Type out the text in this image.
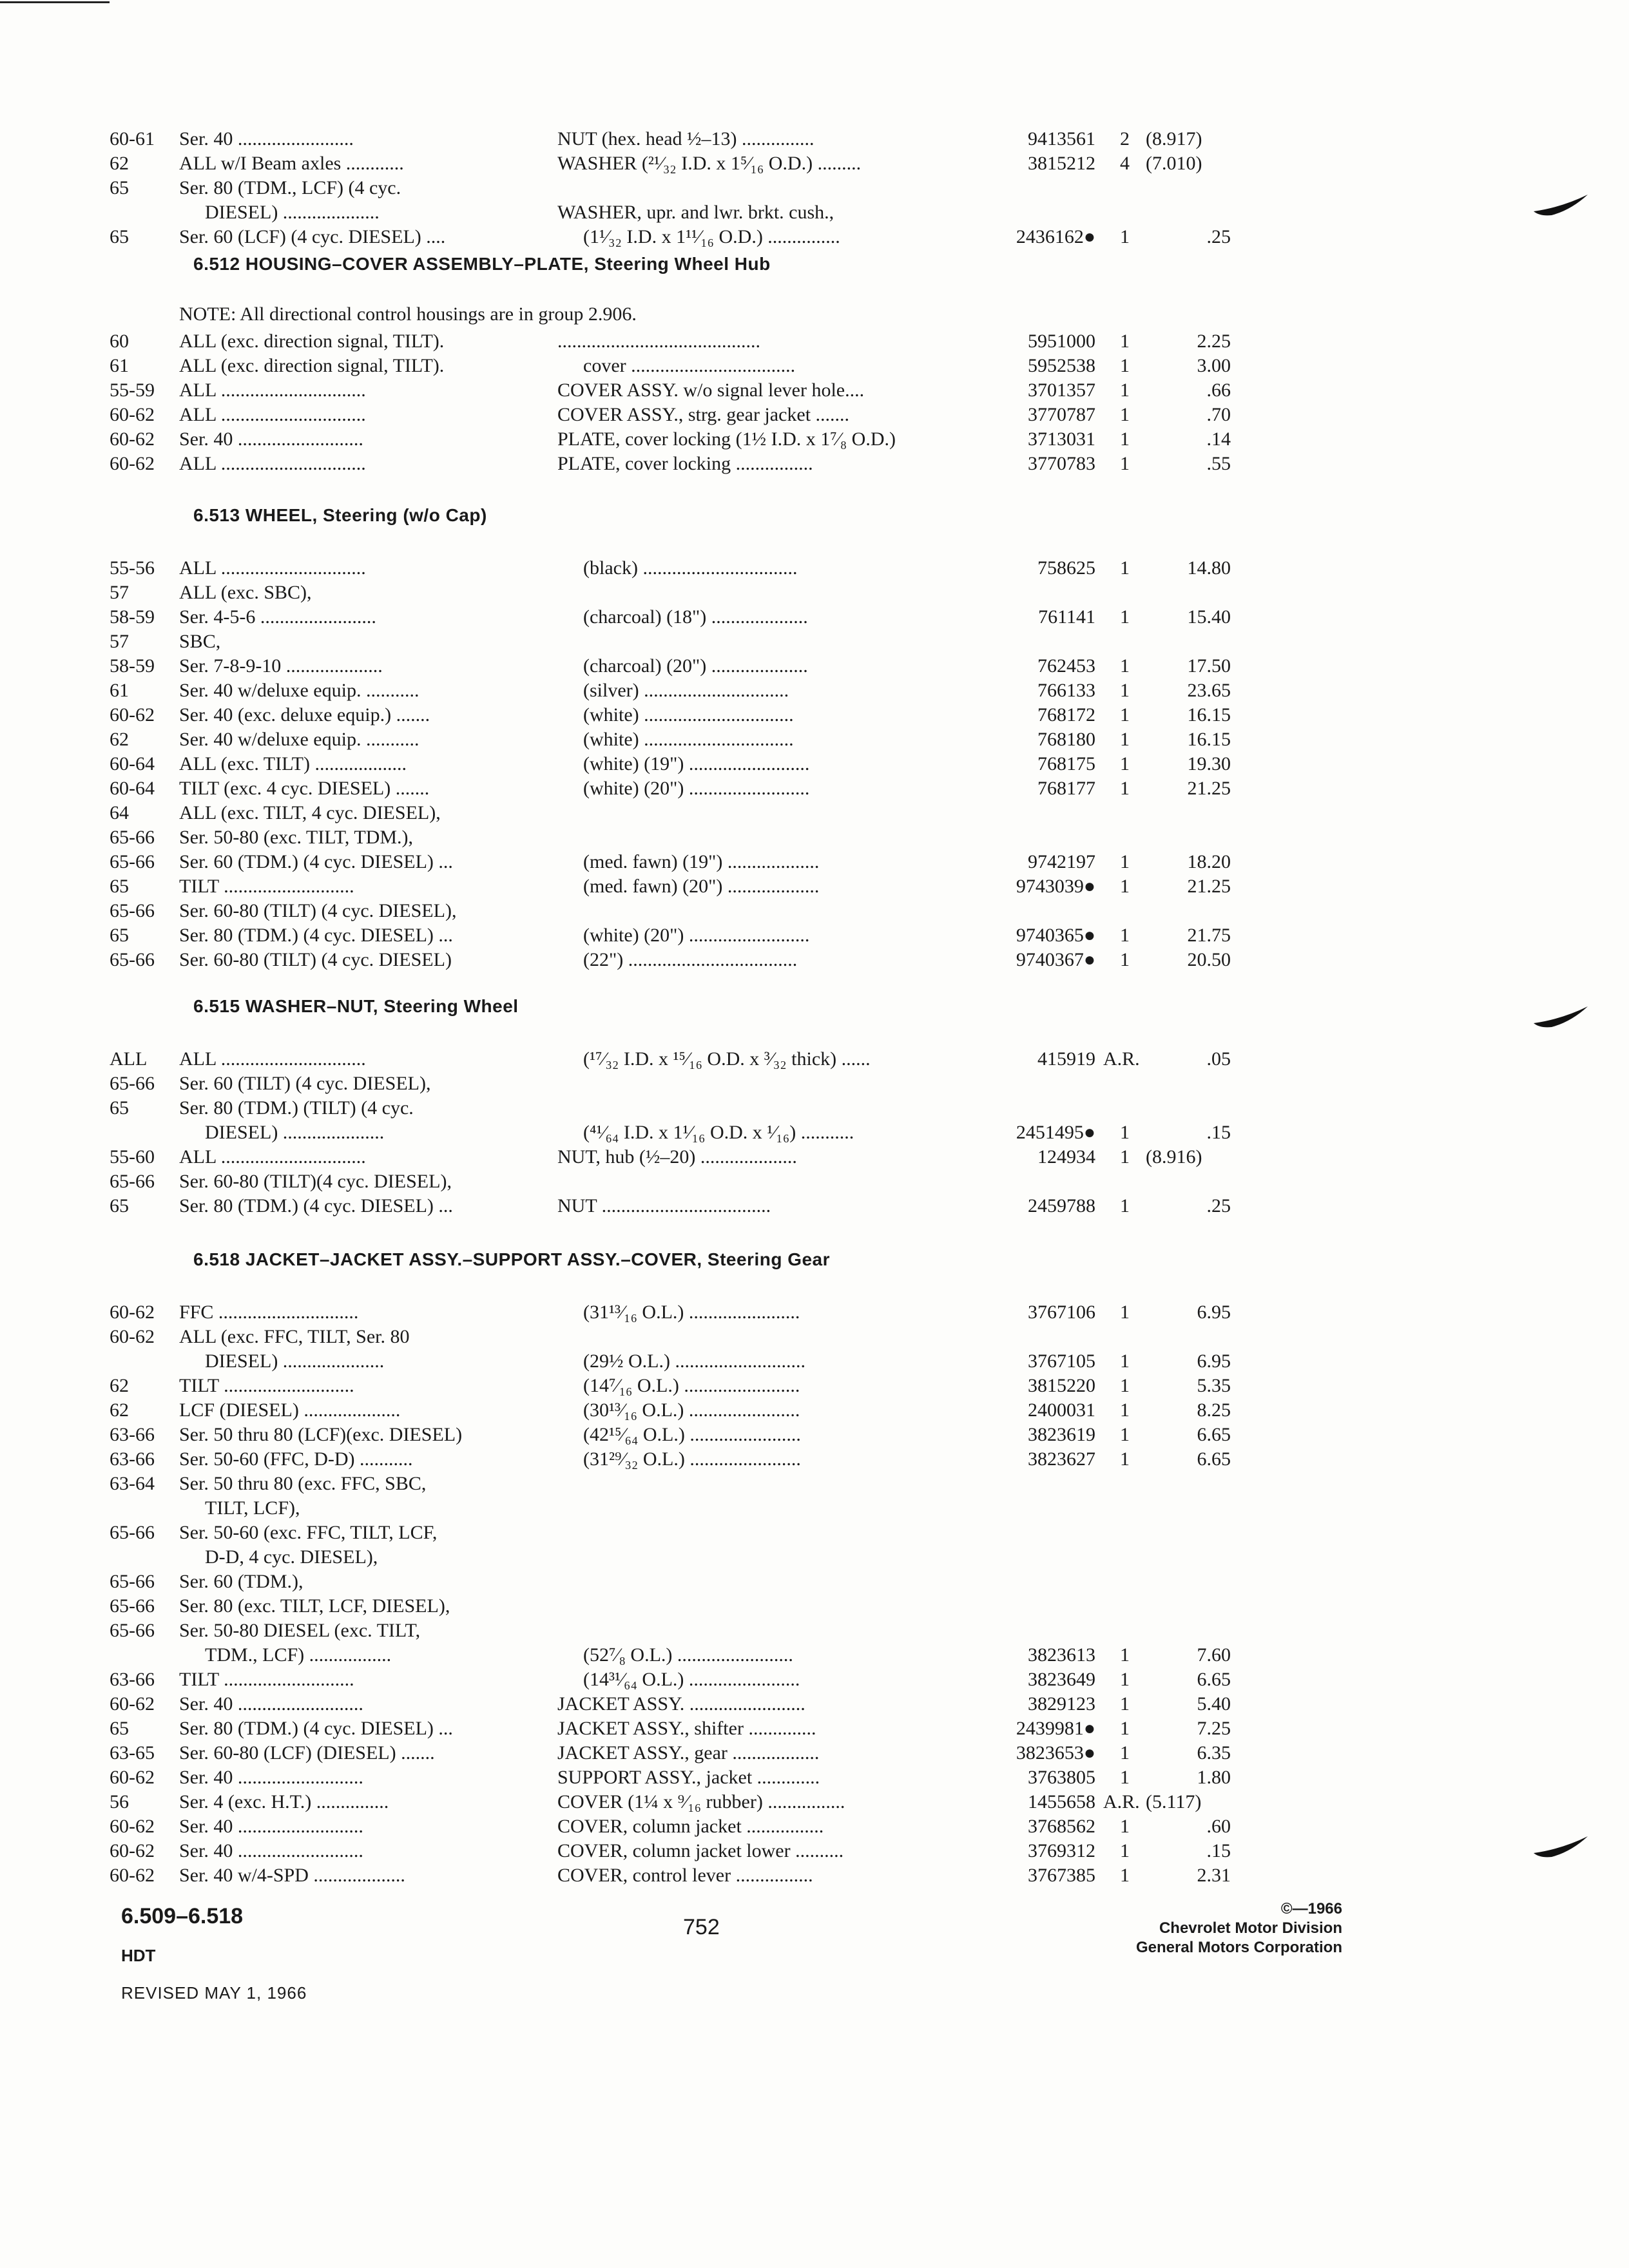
60-61 Ser. 40 ........................	NUT (hex. head ½–13) ...............	9413561 2 (8.917)
62	ALL w/I Beam axles ............	WASHER (²¹⁄₃₂ I.D. x 1⁵⁄₁₆ O.D.) .........	3815212 4 (7.010)
65	Ser. 80 (TDM., LCF) (4 cyc.
DIESEL) ....................	WASHER, upr. and lwr. brkt. cush.,
65	Ser. 60 (LCF) (4 cyc. DIESEL) ....	(1¹⁄₃₂ I.D. x 1¹¹⁄₁₆ O.D.) ...............	2436162● 1	.25
6.512 HOUSING–COVER ASSEMBLY–PLATE, Steering Wheel Hub
NOTE: All directional control housings are in group 2.906.
60	ALL (exc. direction signal, TILT).	..........................................	5951000 1	2.25
61	ALL (exc. direction signal, TILT).	cover ..................................	5952538 1	3.00
55-59 ALL ..............................	COVER ASSY. w/o signal lever hole....	3701357 1	.66
60-62 ALL ..............................	COVER ASSY., strg. gear jacket .......	3770787 1	.70
60-62 Ser. 40 ..........................	PLATE, cover locking (1½ I.D. x 1⁷⁄₈ O.D.)	3713031 1	.14
60-62 ALL ..............................	PLATE, cover locking ................	3770783 1	.55
6.513 WHEEL, Steering (w/o Cap)
55-56 ALL ..............................	(black) ................................	758625 1	14.80
57	ALL (exc. SBC),
58-59 Ser. 4-5-6 ........................	(charcoal) (18") ....................	761141 1	15.40
57	SBC,
58-59 Ser. 7-8-9-10 ....................	(charcoal) (20") ....................	762453 1	17.50
61	Ser. 40 w/deluxe equip. ...........	(silver) ..............................	766133 1	23.65
60-62 Ser. 40 (exc. deluxe equip.) .......	(white) ...............................	768172 1	16.15
62	Ser. 40 w/deluxe equip. ...........	(white) ...............................	768180 1	16.15
60-64 ALL (exc. TILT) ...................	(white) (19") .........................	768175 1	19.30
60-64 TILT (exc. 4 cyc. DIESEL) .......	(white) (20") .........................	768177 1	21.25
64	ALL (exc. TILT, 4 cyc. DIESEL),
65-66 Ser. 50-80 (exc. TILT, TDM.),
65-66 Ser. 60 (TDM.) (4 cyc. DIESEL) ...	(med. fawn) (19") ...................	9742197 1	18.20
65	TILT ...........................	(med. fawn) (20") ...................	9743039● 1	21.25
65-66 Ser. 60-80 (TILT) (4 cyc. DIESEL),
65	Ser. 80 (TDM.) (4 cyc. DIESEL) ...	(white) (20") .........................	9740365● 1	21.75
65-66 Ser. 60-80 (TILT) (4 cyc. DIESEL)	(22") ...................................	9740367● 1	20.50
6.515 WASHER–NUT, Steering Wheel
ALL ALL ..............................	(¹⁷⁄₃₂ I.D. x ¹⁵⁄₁₆ O.D. x ³⁄₃₂ thick) ......	415919 A.R.	.05
65-66 Ser. 60 (TILT) (4 cyc. DIESEL),
65	Ser. 80 (TDM.) (TILT) (4 cyc.
DIESEL) .....................	(⁴¹⁄₆₄ I.D. x 1¹⁄₁₆ O.D. x ¹⁄₁₆) ...........	2451495● 1	.15
55-60 ALL ..............................	NUT, hub (½–20) ....................	124934 1 (8.916)
65-66 Ser. 60-80 (TILT)(4 cyc. DIESEL),
65	Ser. 80 (TDM.) (4 cyc. DIESEL) ...	NUT ...................................	2459788 1	.25
6.518 JACKET–JACKET ASSY.–SUPPORT ASSY.–COVER, Steering Gear
60-62 FFC .............................	(31¹³⁄₁₆ O.L.) .......................	3767106 1	6.95
60-62 ALL (exc. FFC, TILT, Ser. 80
DIESEL) .....................	(29½ O.L.) ...........................	3767105 1	6.95
62	TILT ...........................	(14⁷⁄₁₆ O.L.) ........................	3815220 1	5.35
62	LCF (DIESEL) ....................	(30¹³⁄₁₆ O.L.) .......................	2400031 1	8.25
63-66 Ser. 50 thru 80 (LCF)(exc. DIESEL)	(42¹⁵⁄₆₄ O.L.) .......................	3823619 1	6.65
63-66 Ser. 50-60 (FFC, D-D) ...........	(31²⁹⁄₃₂ O.L.) .......................	3823627 1	6.65
63-64 Ser. 50 thru 80 (exc. FFC, SBC,
TILT, LCF),
65-66 Ser. 50-60 (exc. FFC, TILT, LCF,
D-D, 4 cyc. DIESEL),
65-66 Ser. 60 (TDM.),
65-66 Ser. 80 (exc. TILT, LCF, DIESEL),
65-66 Ser. 50-80 DIESEL (exc. TILT,
TDM., LCF) .................	(52⁷⁄₈ O.L.) ........................	3823613 1	7.60
63-66 TILT ...........................	(14³¹⁄₆₄ O.L.) .......................	3823649 1	6.65
60-62 Ser. 40 ..........................	JACKET ASSY. ........................	3829123 1	5.40
65	Ser. 80 (TDM.) (4 cyc. DIESEL) ...	JACKET ASSY., shifter ..............	2439981● 1	7.25
63-65 Ser. 60-80 (LCF) (DIESEL) .......	JACKET ASSY., gear ..................	3823653● 1	6.35
60-62 Ser. 40 ..........................	SUPPORT ASSY., jacket .............	3763805 1	1.80
56	Ser. 4 (exc. H.T.) ...............	COVER (1¼ x ⁹⁄₁₆ rubber) ................	1455658 A.R. (5.117)
60-62 Ser. 40 ..........................	COVER, column jacket ................	3768562 1	.60
60-62 Ser. 40 ..........................	COVER, column jacket lower ..........	3769312 1	.15
60-62 Ser. 40 w/4-SPD ...................	COVER, control lever ................	3767385 1	2.31
6.509–6.518
HDT
REVISED MAY 1, 1966
752
©—1966
Chevrolet Motor Division
General Motors Corporation
